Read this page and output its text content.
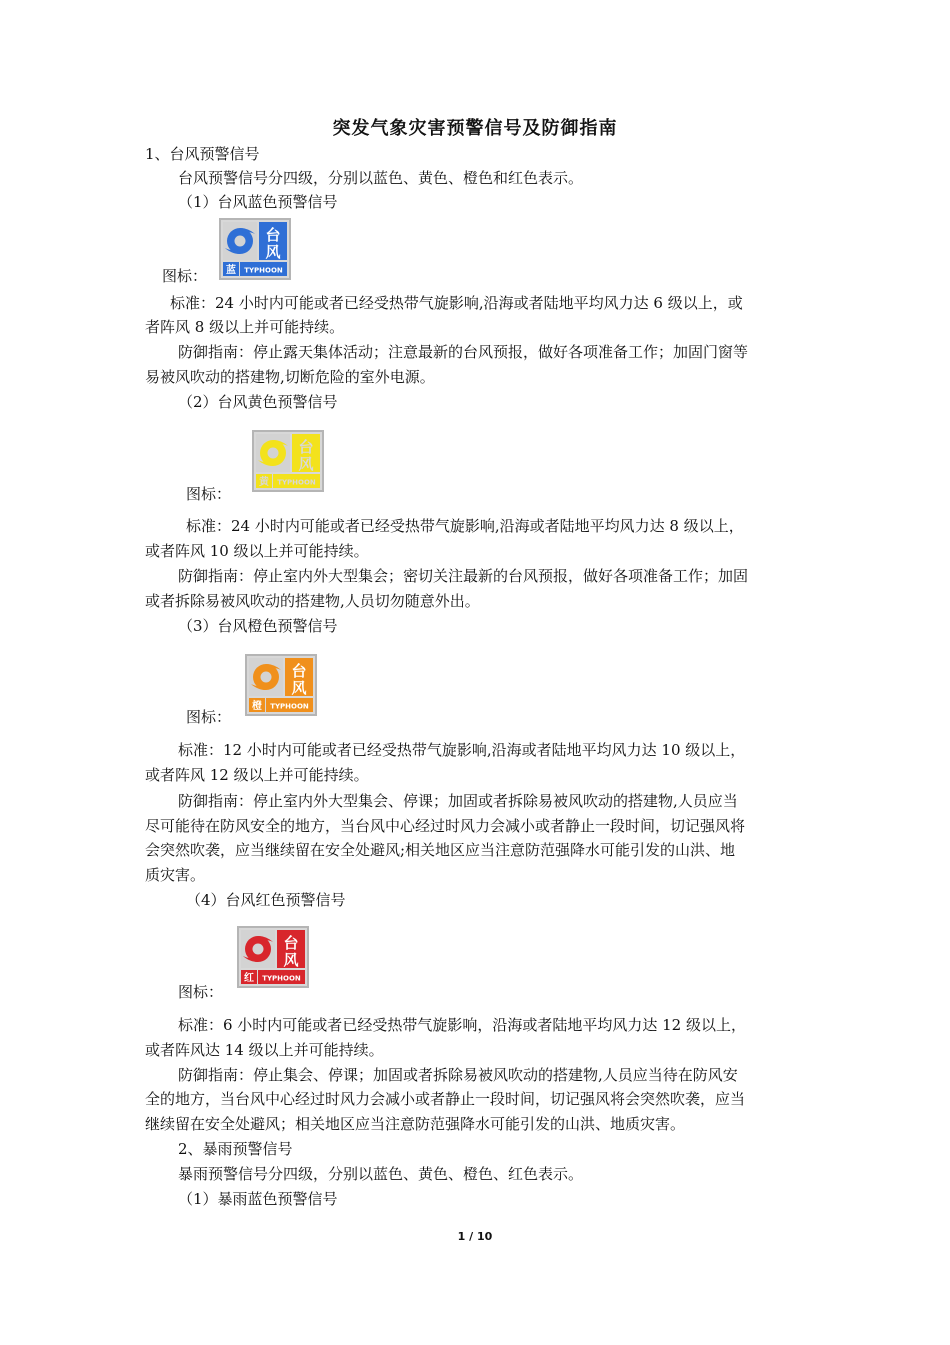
突发气象灾害预警信号及防御指南
1、台风预警信号
台风预警信号分四级，分别以蓝色、黄色、橙色和红色表示。
（1）台风蓝色预警信号
台
风
蓝 TYPHOON
图标：
标准：24 小时内可能或者已经受热带气旋影响,沿海或者陆地平均风力达 6 级以上，或
者阵风 8 级以上并可能持续。
防御指南：停止露天集体活动；注意最新的台风预报，做好各项准备工作；加固门窗等
易被风吹动的搭建物,切断危险的室外电源。
（2）台风黄色预警信号
台
风
黄 TYPHOON
图标：
标准：24 小时内可能或者已经受热带气旋影响,沿海或者陆地平均风力达 8 级以上，
或者阵风 10 级以上并可能持续。
防御指南：停止室内外大型集会；密切关注最新的台风预报，做好各项准备工作；加固
或者拆除易被风吹动的搭建物,人员切勿随意外出。
（3）台风橙色预警信号
台
风
橙 TYPHOON
图标：
标准：12 小时内可能或者已经受热带气旋影响,沿海或者陆地平均风力达 10 级以上，
或者阵风 12 级以上并可能持续。
防御指南：停止室内外大型集会、停课；加固或者拆除易被风吹动的搭建物,人员应当
尽可能待在防风安全的地方，当台风中心经过时风力会减小或者静止一段时间，切记强风将
会突然吹袭，应当继续留在安全处避风;相关地区应当注意防范强降水可能引发的山洪、地
质灾害。
（4）台风红色预警信号
台
风
红 TYPHOON
图标：
标准：6 小时内可能或者已经受热带气旋影响，沿海或者陆地平均风力达 12 级以上，
或者阵风达 14 级以上并可能持续。
防御指南：停止集会、停课；加固或者拆除易被风吹动的搭建物,人员应当待在防风安
全的地方，当台风中心经过时风力会减小或者静止一段时间，切记强风将会突然吹袭，应当
继续留在安全处避风；相关地区应当注意防范强降水可能引发的山洪、地质灾害。
2、暴雨预警信号
暴雨预警信号分四级，分别以蓝色、黄色、橙色、红色表示。
（1）暴雨蓝色预警信号
1 / 10
